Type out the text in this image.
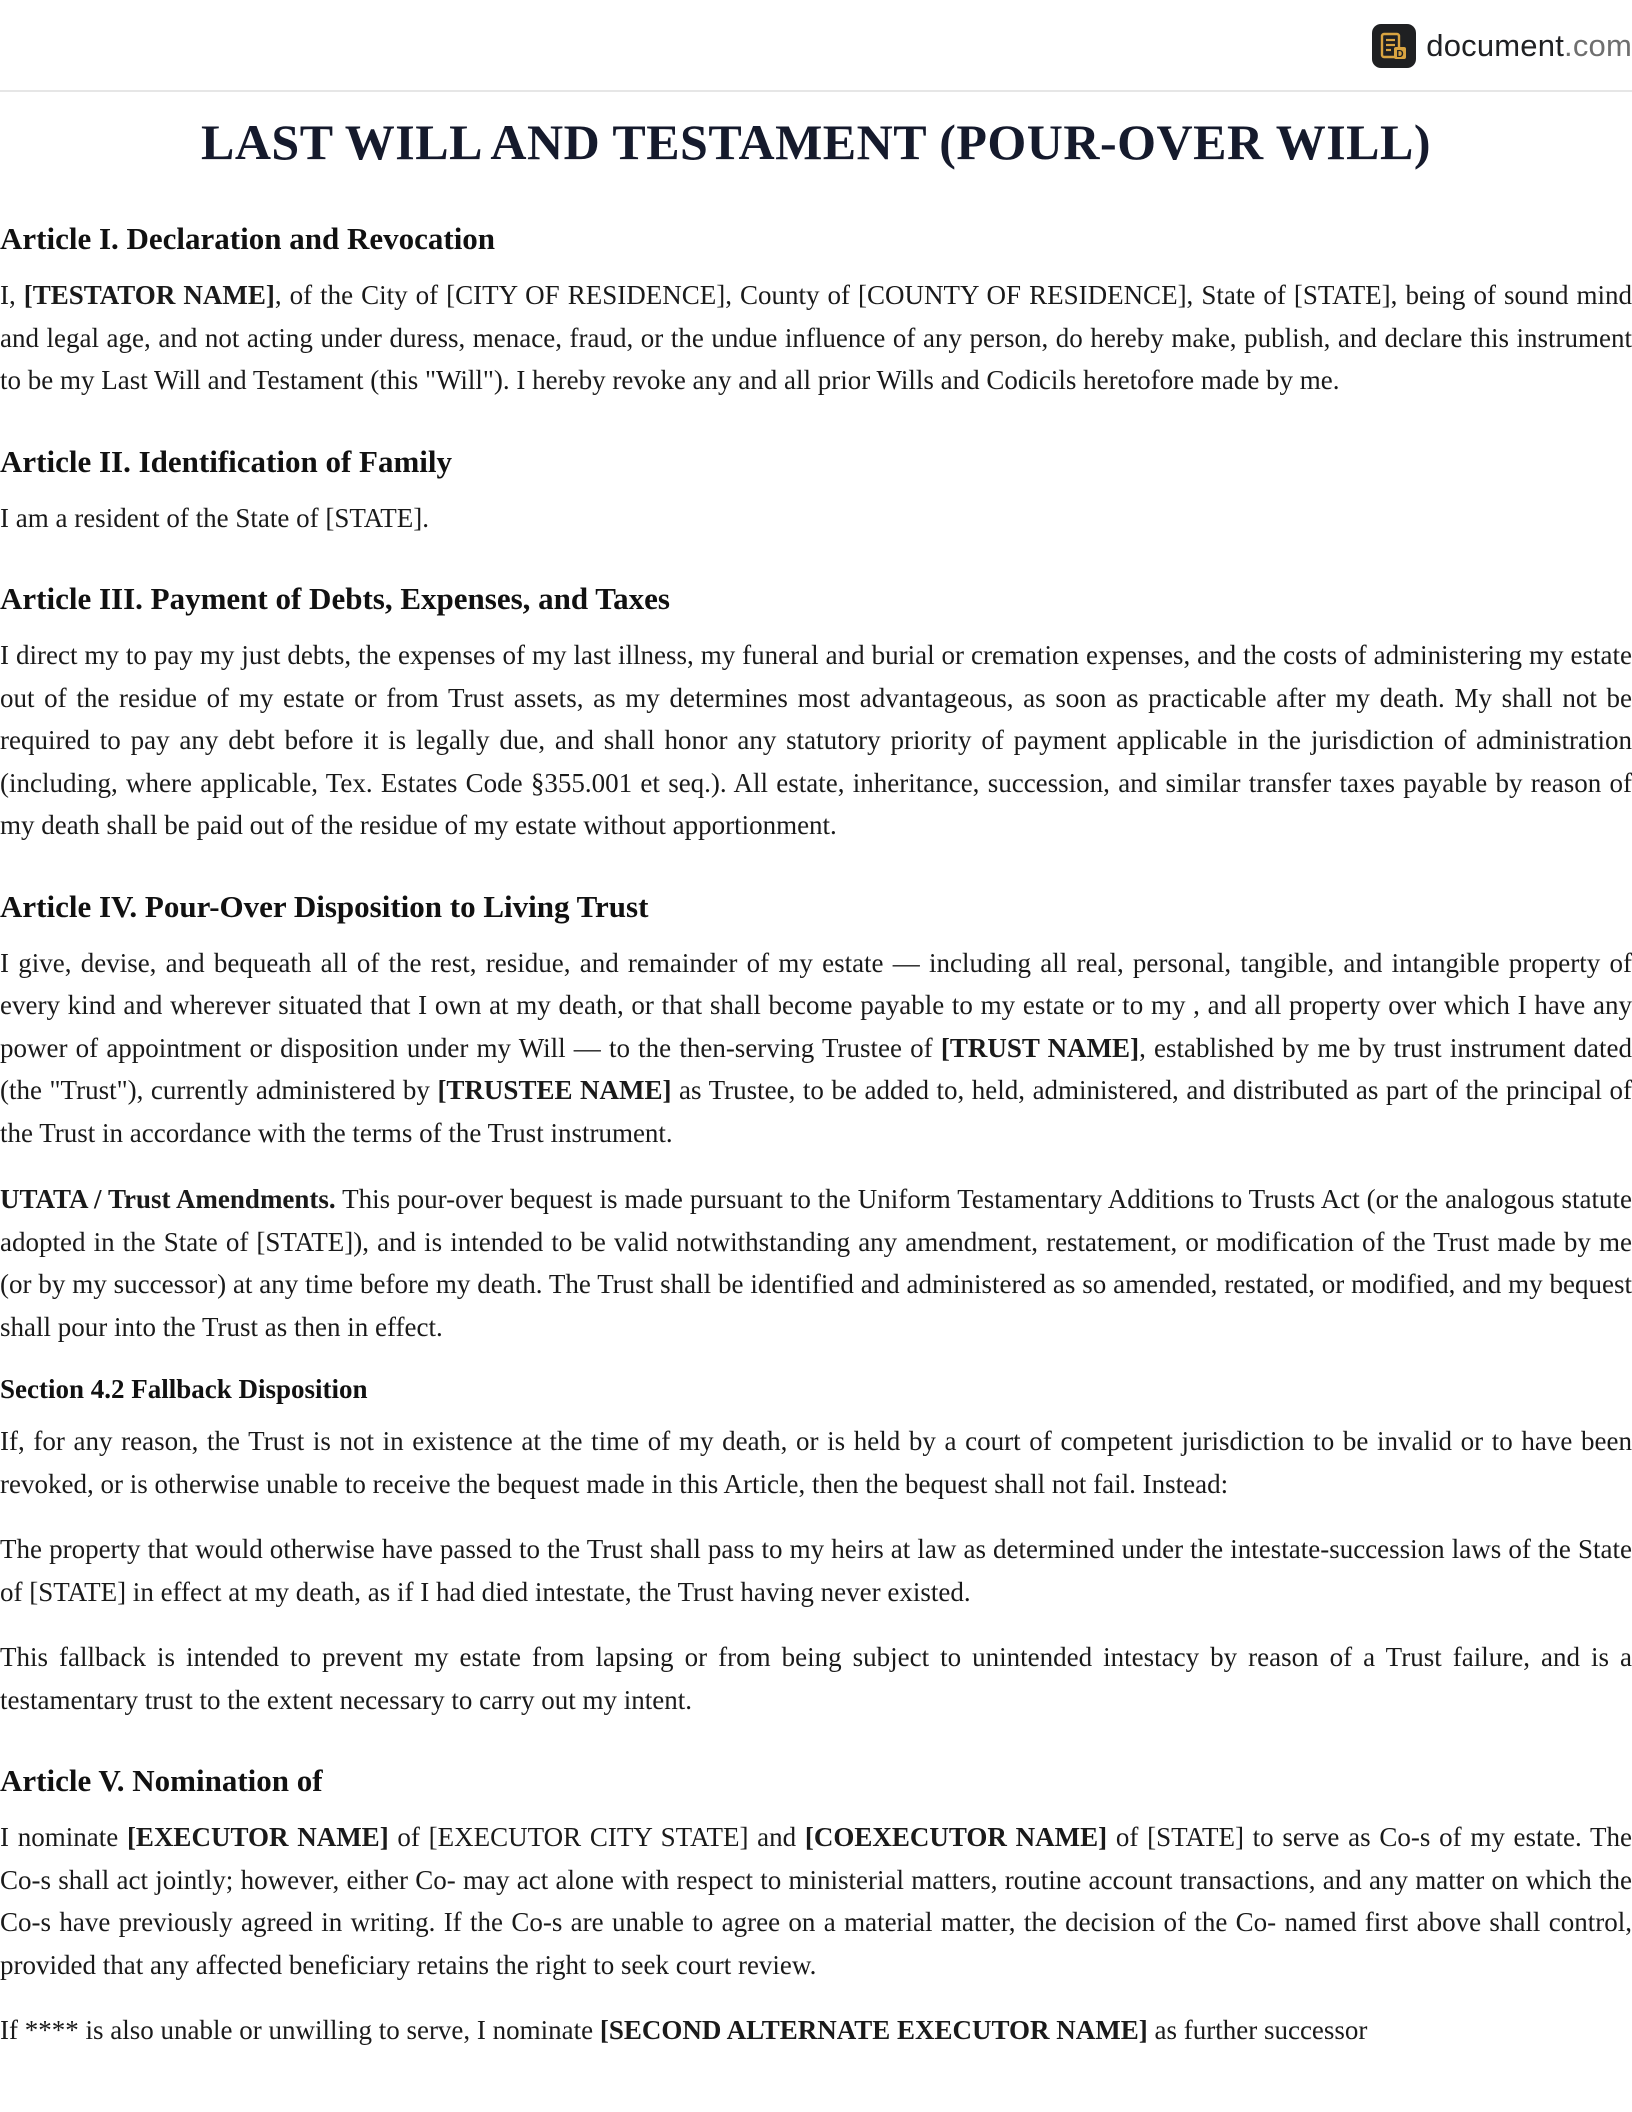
D document.com
LAST WILL AND TESTAMENT (POUR-OVER WILL)
Article I. Declaration and Revocation

I, [TESTATOR NAME], of the City of [CITY OF RESIDENCE], County of [COUNTY OF RESIDENCE], State of [STATE], being of sound mind and legal age, and not acting under duress, menace, fraud, or the undue influence of any person, do hereby make, publish, and declare this instrument to be my Last Will and Testament (this "Will"). I hereby revoke any and all prior Wills and Codicils heretofore made by me.

Article II. Identification of Family

I am a resident of the State of [STATE].

Article III. Payment of Debts, Expenses, and Taxes

I direct my to pay my just debts, the expenses of my last illness, my funeral and burial or cremation expenses, and the costs of administering my estate out of the residue of my estate or from Trust assets, as my determines most advantageous, as soon as practicable after my death. My shall not be required to pay any debt before it is legally due, and shall honor any statutory priority of payment applicable in the jurisdiction of administration (including, where applicable, Tex. Estates Code §355.001 et seq.). All estate, inheritance, succession, and similar transfer taxes payable by reason of my death shall be paid out of the residue of my estate without apportionment.

Article IV. Pour-Over Disposition to Living Trust

I give, devise, and bequeath all of the rest, residue, and remainder of my estate — including all real, personal, tangible, and intangible property of every kind and wherever situated that I own at my death, or that shall become payable to my estate or to my , and all property over which I have any power of appointment or disposition under my Will — to the then-serving Trustee of [TRUST NAME], established by me by trust instrument dated (the "Trust"), currently administered by [TRUSTEE NAME] as Trustee, to be added to, held, administered, and distributed as part of the principal of the Trust in accordance with the terms of the Trust instrument.

UTATA / Trust Amendments. This pour-over bequest is made pursuant to the Uniform Testamentary Additions to Trusts Act (or the analogous statute adopted in the State of [STATE]), and is intended to be valid notwithstanding any amendment, restatement, or modification of the Trust made by me (or by my successor) at any time before my death. The Trust shall be identified and administered as so amended, restated, or modified, and my bequest shall pour into the Trust as then in effect.

Section 4.2 Fallback Disposition

If, for any reason, the Trust is not in existence at the time of my death, or is held by a court of competent jurisdiction to be invalid or to have been revoked, or is otherwise unable to receive the bequest made in this Article, then the bequest shall not fail. Instead:

The property that would otherwise have passed to the Trust shall pass to my heirs at law as determined under the intestate-succession laws of the State of [STATE] in effect at my death, as if I had died intestate, the Trust having never existed.

This fallback is intended to prevent my estate from lapsing or from being subject to unintended intestacy by reason of a Trust failure, and is a testamentary trust to the extent necessary to carry out my intent.

Article V. Nomination of

I nominate [EXECUTOR NAME] of [EXECUTOR CITY STATE] and [COEXECUTOR NAME] of [STATE] to serve as Co-s of my estate. The Co-s shall act jointly; however, either Co- may act alone with respect to ministerial matters, routine account transactions, and any matter on which the Co-s have previously agreed in writing. If the Co-s are unable to agree on a material matter, the decision of the Co- named first above shall control, provided that any affected beneficiary retains the right to seek court review.

If **** is also unable or unwilling to serve, I nominate [SECOND ALTERNATE EXECUTOR NAME] as further successor
